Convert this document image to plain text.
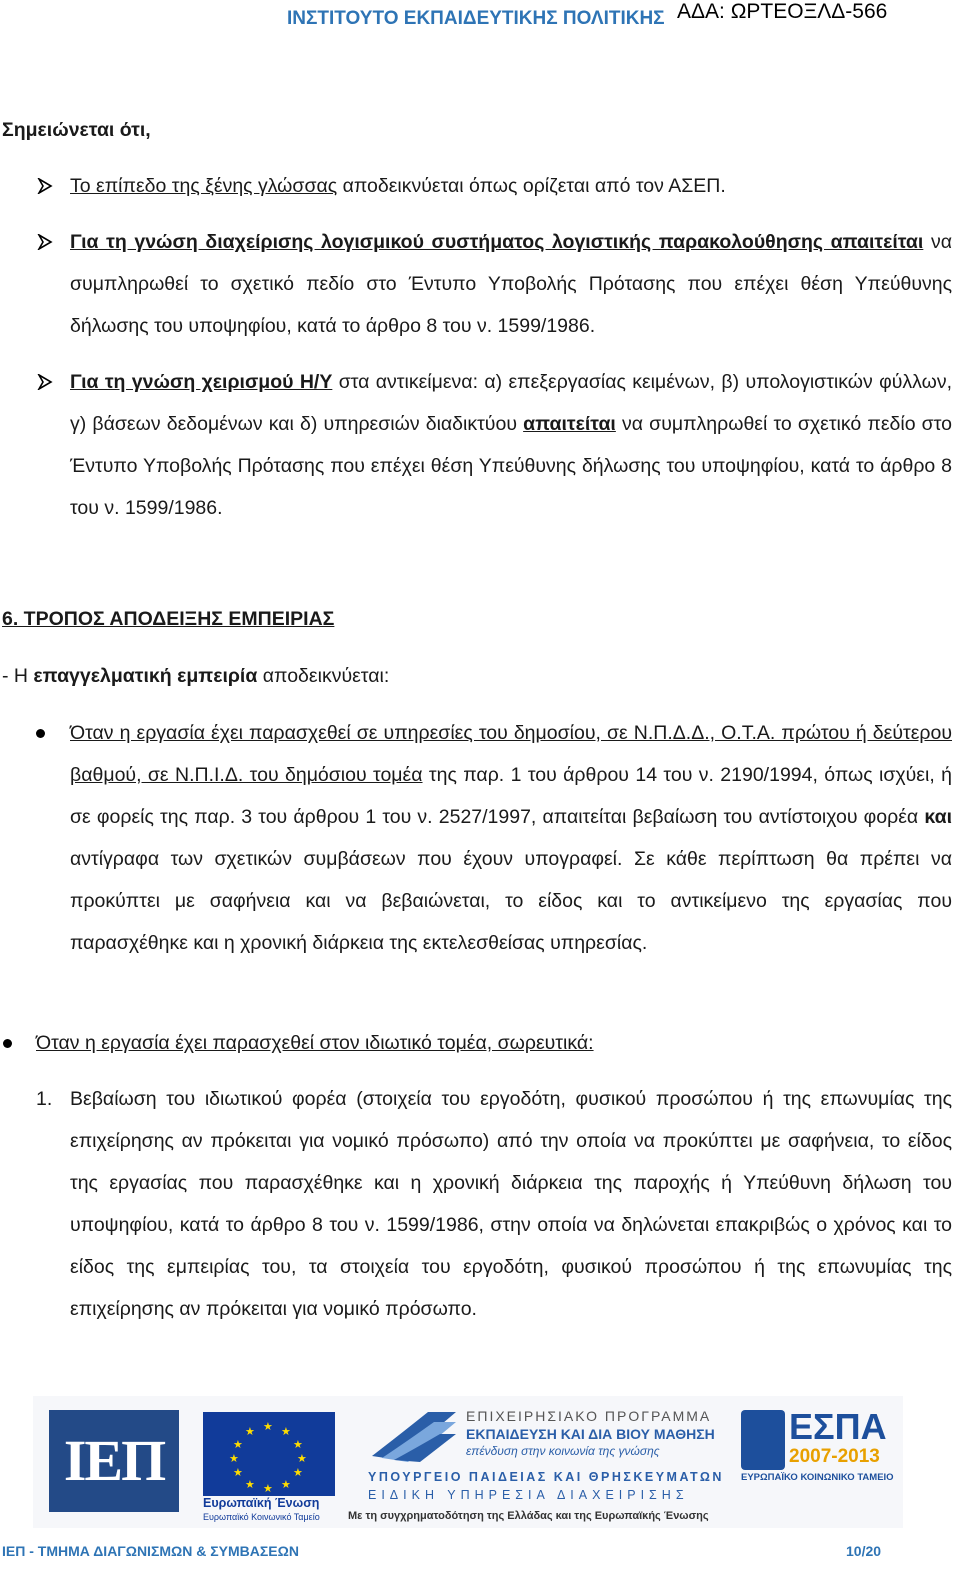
ΙΝΣΤΙΤΟΥΤΟ ΕΚΠΑΙΔΕΥΤΙΚΗΣ ΠΟΛΙΤΙΚΗΣ ΑΔΑ: ΩΡΤΕΟΞΛΔ-566
Σημειώνεται ότι,
Το επίπεδο της ξένης γλώσσας αποδεικνύεται όπως ορίζεται από τον ΑΣΕΠ.
Για τη γνώση διαχείρισης λογισμικού συστήματος λογιστικής παρακολούθησης απαιτείται να συμπληρωθεί το σχετικό πεδίο στο Έντυπο Υποβολής Πρότασης που επέχει θέση Υπεύθυνης δήλωσης του υποψηφίου, κατά το άρθρο 8 του ν. 1599/1986.
Για τη γνώση χειρισμού Η/Υ στα αντικείμενα: α) επεξεργασίας κειμένων, β) υπολογιστικών φύλλων, γ) βάσεων δεδομένων και δ) υπηρεσιών διαδικτύου απαιτείται να συμπληρωθεί το σχετικό πεδίο στο Έντυπο Υποβολής Πρότασης που επέχει θέση Υπεύθυνης δήλωσης του υποψηφίου, κατά το άρθρο 8 του ν. 1599/1986.
6. ΤΡΟΠΟΣ ΑΠΟΔΕΙΞΗΣ ΕΜΠΕΙΡΙΑΣ
- Η επαγγελματική εμπειρία αποδεικνύεται:
Όταν η εργασία έχει παρασχεθεί σε υπηρεσίες του δημοσίου, σε Ν.Π.Δ.Δ., Ο.Τ.Α. πρώτου ή δεύτερου βαθμού, σε Ν.Π.Ι.Δ. του δημόσιου τομέα της παρ. 1 του άρθρου 14 του ν. 2190/1994, όπως ισχύει, ή σε φορείς της παρ. 3 του άρθρου 1 του ν. 2527/1997, απαιτείται βεβαίωση του αντίστοιχου φορέα και αντίγραφα των σχετικών συμβάσεων που έχουν υπογραφεί. Σε κάθε περίπτωση θα πρέπει να προκύπτει με σαφήνεια και να βεβαιώνεται, το είδος και το αντικείμενο της εργασίας που παρασχέθηκε και η χρονική διάρκεια της εκτελεσθείσας υπηρεσίας.
Όταν η εργασία έχει παρασχεθεί στον ιδιωτικό τομέα, σωρευτικά:
1. Βεβαίωση του ιδιωτικού φορέα (στοιχεία του εργοδότη, φυσικού προσώπου ή της επωνυμίας της επιχείρησης αν πρόκειται για νομικό πρόσωπο) από την οποία να προκύπτει με σαφήνεια, το είδος της εργασίας που παρασχέθηκε και η χρονική διάρκεια της παροχής ή Υπεύθυνη δήλωση του υποψηφίου, κατά το άρθρο 8 του ν. 1599/1986, στην οποία να δηλώνεται επακριβώς ο χρόνος και το είδος της εμπειρίας του, τα στοιχεία του εργοδότη, φυσικού προσώπου ή της επωνυμίας της επιχείρησης αν πρόκειται για νομικό πρόσωπο.
ΙΕΠ
★ ★
★
★
★
★
★
★
★
★
★
★
Ευρωπαϊκή Ένωση
Ευρωπαϊκό Κοινωνικό Ταμείο
ΕΠΙΧΕΙΡΗΣΙΑΚΟ ΠΡΟΓΡΑΜΜΑ
ΕΚΠΑΙΔΕΥΣΗ ΚΑΙ ΔΙΑ ΒΙΟΥ ΜΑΘΗΣΗ
επένδυση στην κοινωνία της γνώσης
ΥΠΟΥΡΓΕΙΟ ΠΑΙΔΕΙΑΣ ΚΑΙ ΘΡΗΣΚΕΥΜΑΤΩΝ
ΕΙΔΙΚΗ ΥΠΗΡΕΣΙΑ ΔΙΑΧΕΙΡΙΣΗΣ
Με τη συγχρηματοδότηση της Ελλάδας και της Ευρωπαϊκής Ένωσης
ΕΣΠΑ
2007-2013
ΕΥΡΩΠΑΪΚΟ ΚΟΙΝΩΝΙΚΟ ΤΑΜΕΙΟ
ΙΕΠ - ΤΜΗΜΑ ΔΙΑΓΩΝΙΣΜΩΝ & ΣΥΜΒΑΣΕΩΝ	10/20
